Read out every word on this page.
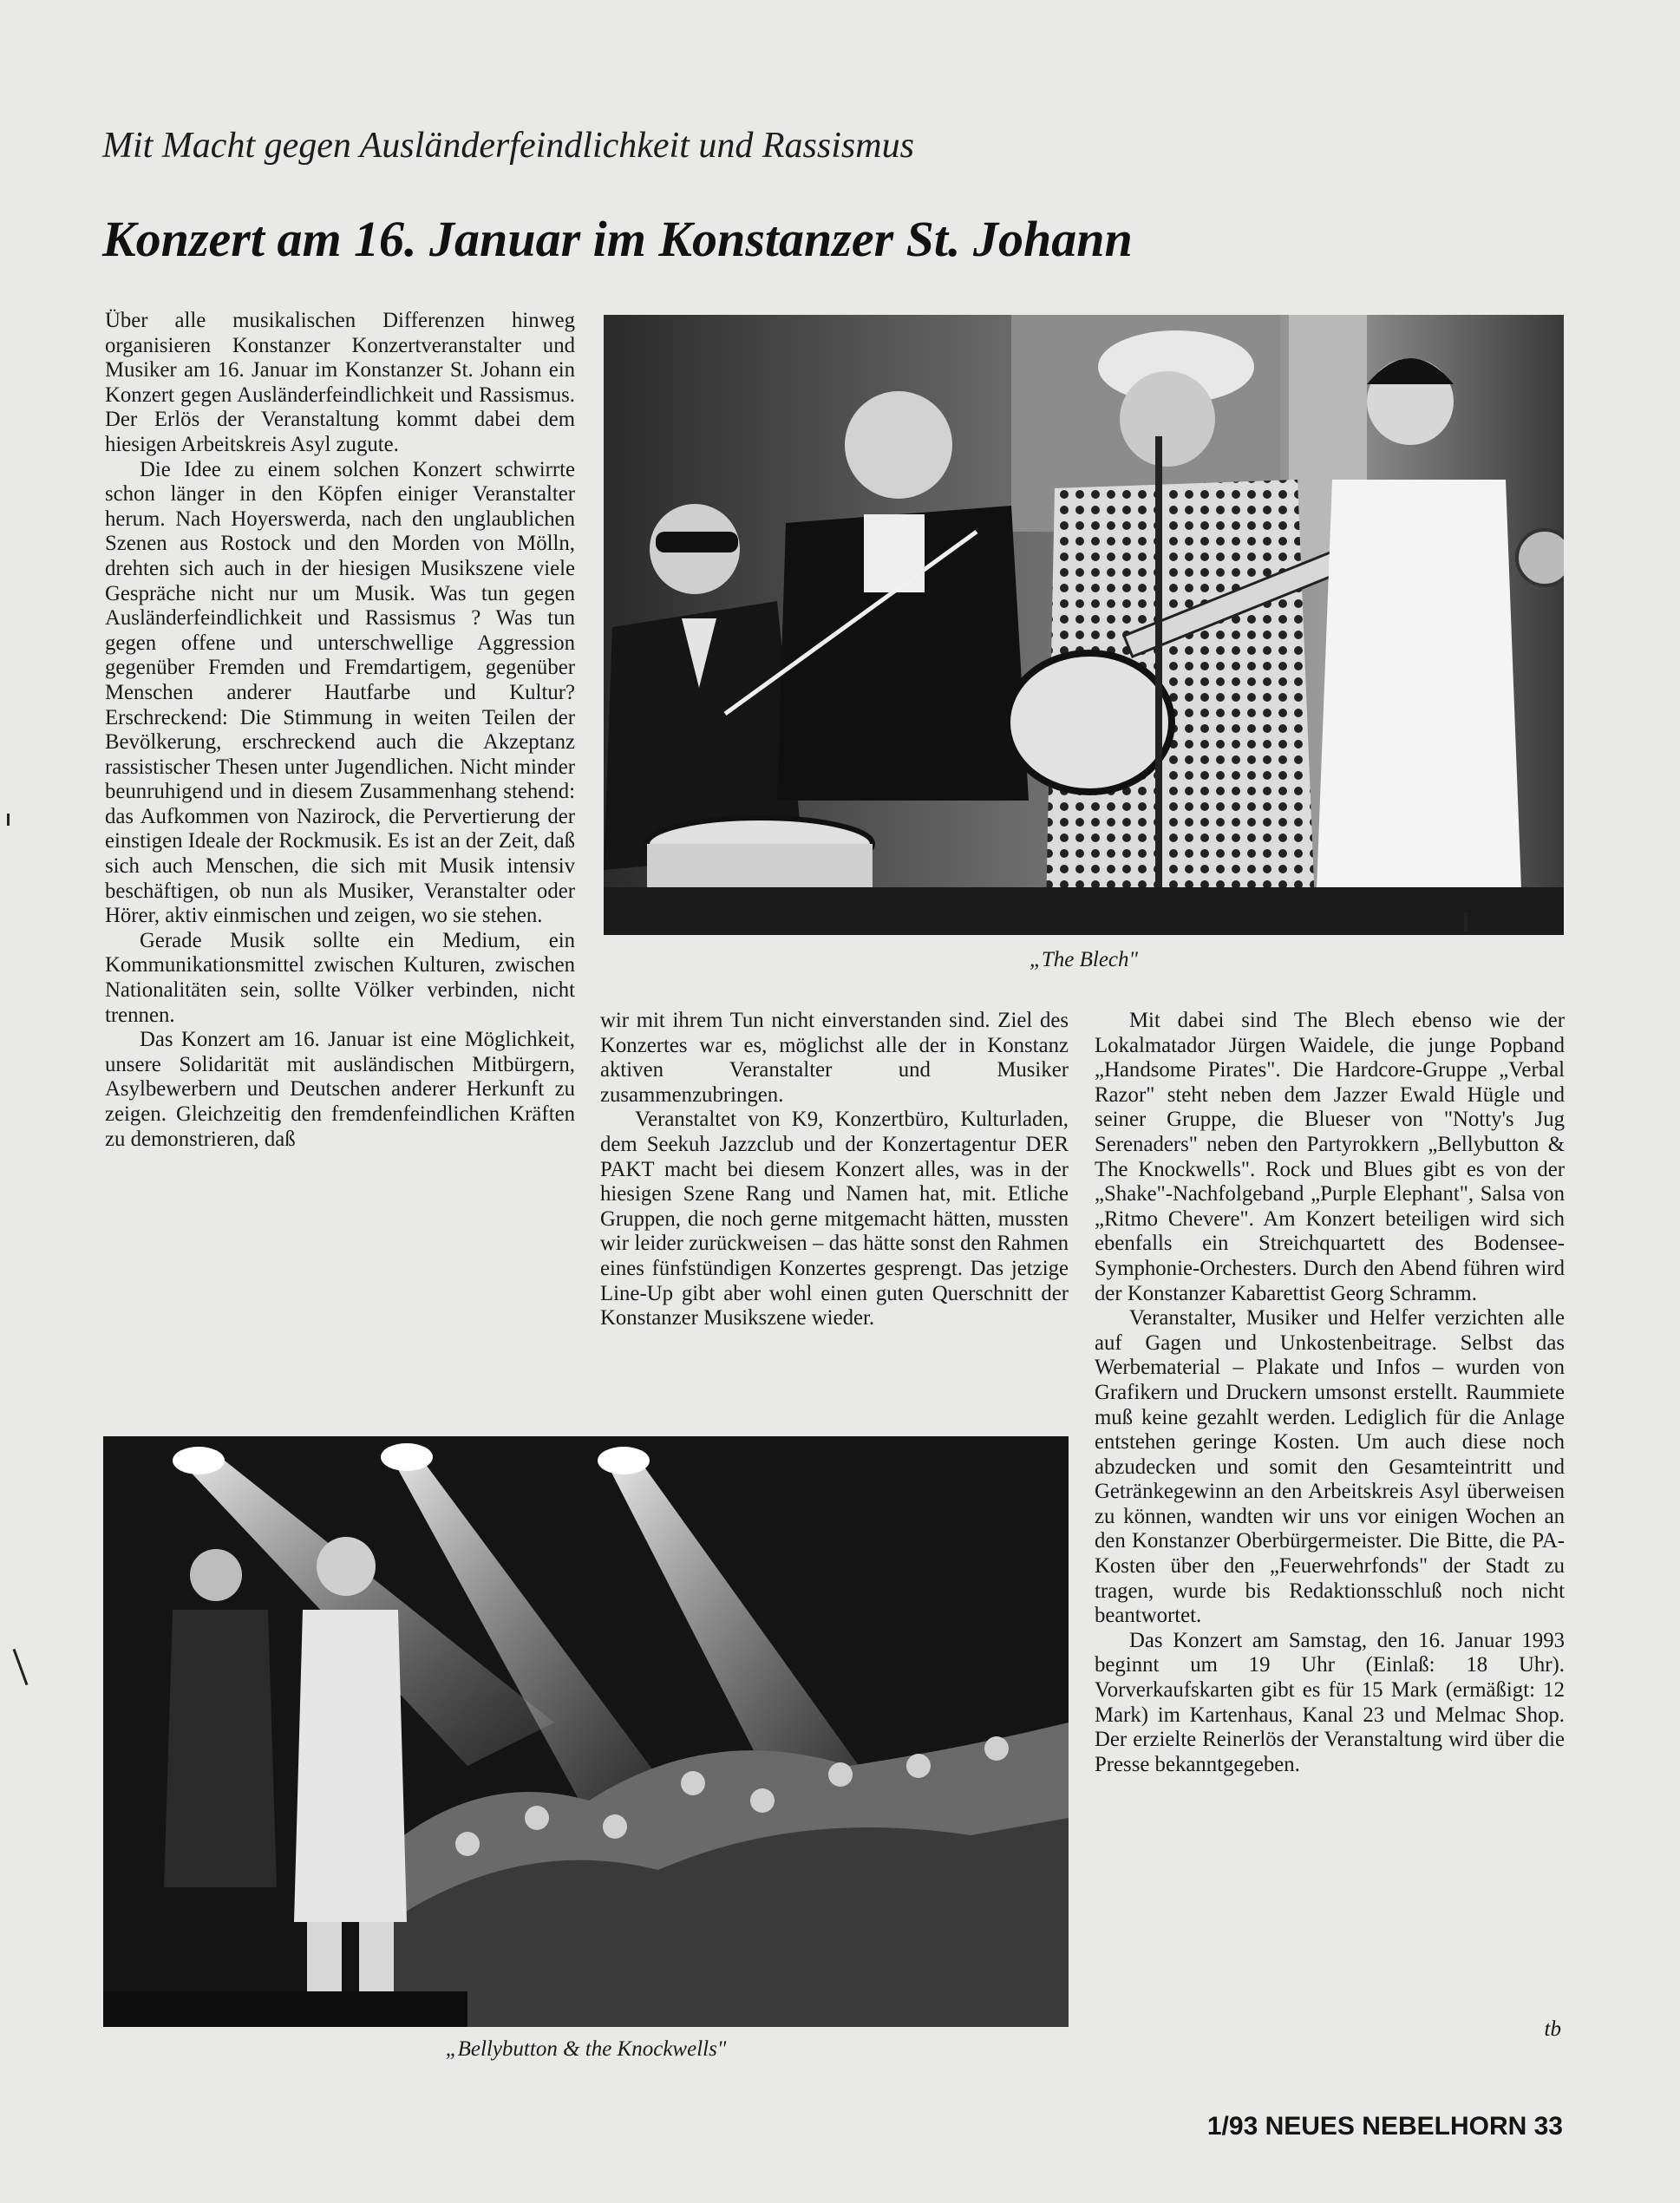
Mit Macht gegen Ausländerfeindlichkeit und Rassismus
Konzert am 16. Januar im Konstanzer St. Johann

Über alle musikalischen Differenzen hinweg organisieren Konstanzer Konzertveranstalter und Musiker am 16. Januar im Konstanzer St. Johann ein Konzert gegen Ausländerfeindlichkeit und Rassismus. Der Erlös der Veranstaltung kommt dabei dem hiesigen Arbeitskreis Asyl zugute.

Die Idee zu einem solchen Konzert schwirrte schon länger in den Köpfen einiger Veranstalter herum. Nach Hoyerswerda, nach den unglaublichen Szenen aus Rostock und den Morden von Mölln, drehten sich auch in der hiesigen Musikszene viele Gespräche nicht nur um Musik. Was tun gegen Ausländerfeindlichkeit und Rassismus ? Was tun gegen offene und unterschwellige Aggression gegenüber Fremden und Fremdartigem, gegenüber Menschen anderer Hautfarbe und Kultur? Erschreckend: Die Stimmung in weiten Teilen der Bevölkerung, erschreckend auch die Akzeptanz rassistischer Thesen unter Jugendlichen. Nicht minder beunruhigend und in diesem Zusammenhang stehend: das Aufkommen von Nazirock, die Pervertierung der einstigen Ideale der Rockmusik. Es ist an der Zeit, daß sich auch Menschen, die sich mit Musik intensiv beschäftigen, ob nun als Musiker, Veranstalter oder Hörer, aktiv einmischen und zeigen, wo sie stehen.

Gerade Musik sollte ein Medium, ein Kommunikationsmittel zwischen Kulturen, zwischen Nationalitäten sein, sollte Völker verbinden, nicht trennen.

Das Konzert am 16. Januar ist eine Möglichkeit, unsere Solidarität mit ausländischen Mitbürgern, Asylbewerbern und Deutschen anderer Herkunft zu zeigen. Gleichzeitig den fremdenfeindlichen Kräften zu demonstrieren, daß

„The Blech"

wir mit ihrem Tun nicht einverstanden sind. Ziel des Konzertes war es, möglichst alle der in Konstanz aktiven Veranstalter und Musiker zusammenzubringen.

Veranstaltet von K9, Konzertbüro, Kulturladen, dem Seekuh Jazzclub und der Konzertagentur DER PAKT macht bei diesem Konzert alles, was in der hiesigen Szene Rang und Namen hat, mit. Etliche Gruppen, die noch gerne mitgemacht hätten, mussten wir leider zurückweisen – das hätte sonst den Rahmen eines fünfstündigen Konzertes gesprengt. Das jetzige Line-Up gibt aber wohl einen guten Querschnitt der Konstanzer Musikszene wieder.

Mit dabei sind The Blech ebenso wie der Lokalmatador Jürgen Waidele, die junge Popband „Handsome Pirates". Die Hardcore-Gruppe „Verbal Razor" steht neben dem Jazzer Ewald Hügle und seiner Gruppe, die Blueser von "Notty's Jug Serenaders" neben den Partyrokkern „Bellybutton & The Knockwells". Rock und Blues gibt es von der „Shake"-Nachfolgeband „Purple Elephant", Salsa von „Ritmo Chevere". Am Konzert beteiligen wird sich ebenfalls ein Streichquartett des Bodensee-Symphonie-Orchesters. Durch den Abend führen wird der Konstanzer Kabarettist Georg Schramm.

Veranstalter, Musiker und Helfer verzichten alle auf Gagen und Unkostenbeitrage. Selbst das Werbematerial – Plakate und Infos – wurden von Grafikern und Druckern umsonst erstellt. Raummiete muß keine gezahlt werden. Lediglich für die Anlage entstehen geringe Kosten. Um auch diese noch abzudecken und somit den Gesamteintritt und Getränkegewinn an den Arbeitskreis Asyl überweisen zu können, wandten wir uns vor einigen Wochen an den Konstanzer Oberbürgermeister. Die Bitte, die PA-Kosten über den „Feuerwehrfonds" der Stadt zu tragen, wurde bis Redaktionsschluß noch nicht beantwortet.

Das Konzert am Samstag, den 16. Januar 1993 beginnt um 19 Uhr (Einlaß: 18 Uhr). Vorverkaufskarten gibt es für 15 Mark (ermäßigt: 12 Mark) im Kartenhaus, Kanal 23 und Melmac Shop. Der erzielte Reinerlös der Veranstaltung wird über die Presse bekanntgegeben.

tb
„Bellybutton & the Knockwells"
1/93 NEUES NEBELHORN 33
